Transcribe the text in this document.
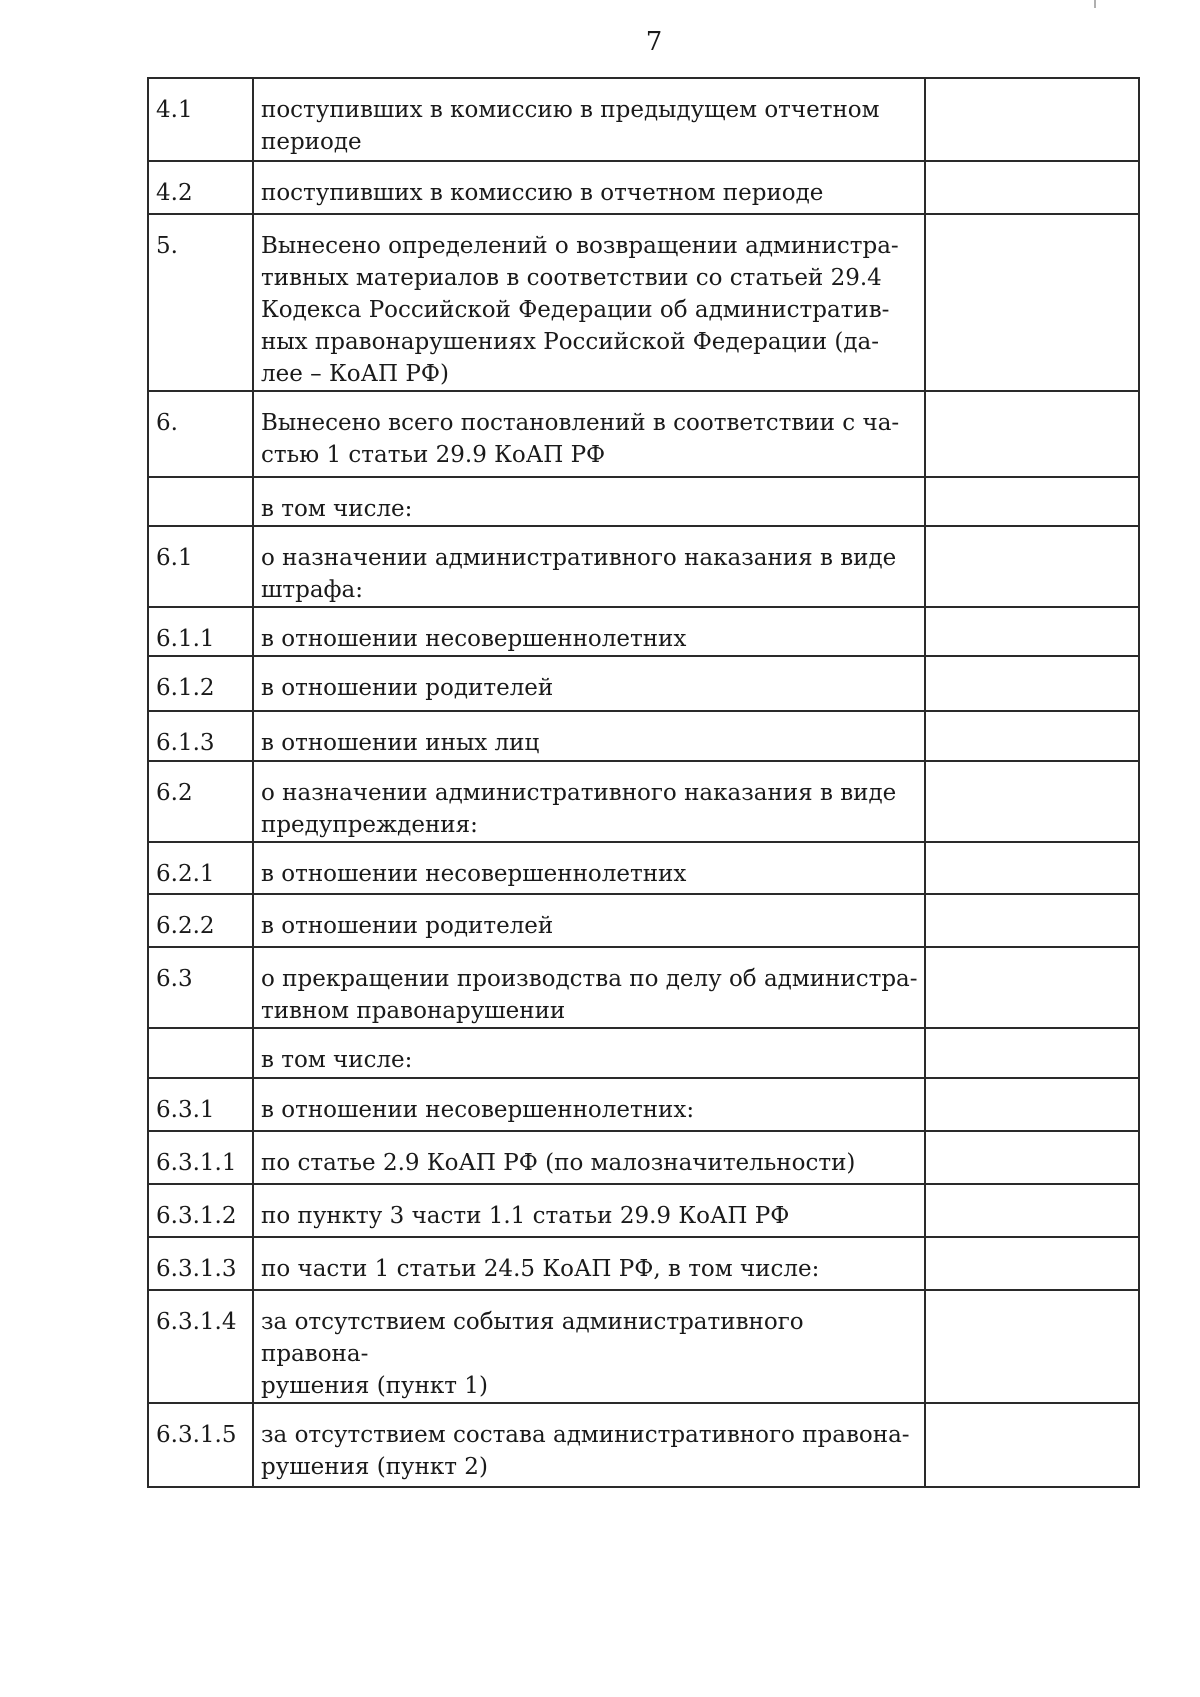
7
4.1	поступивших в комиссию в предыдущем отчетном
периоде	

4.2	поступивших в комиссию в отчетном периоде	

5.	Вынесено определений о возвращении администра-
тивных материалов в соответствии со статьей 29.4
Кодекса Российской Федерации об административ-
ных правонарушениях Российской Федерации (да-
лее – КоАП РФ)	

6.	Вынесено всего постановлений в соответствии с ча-
стью 1 статьи 29.9 КоАП РФ	

	в том числе:	

6.1	о назначении административного наказания в виде
штрафа:	

6.1.1	в отношении несовершеннолетних	

6.1.2	в отношении родителей	

6.1.3	в отношении иных лиц	

6.2	о назначении административного наказания в виде
предупреждения:	

6.2.1	в отношении несовершеннолетних	

6.2.2	в отношении родителей	

6.3	о прекращении производства по делу об администра-
тивном правонарушении	

	в том числе:	

6.3.1	в отношении несовершеннолетних:	

6.3.1.1	по статье 2.9 КоАП РФ (по малозначительности)	

6.3.1.2	по пункту 3 части 1.1 статьи 29.9 КоАП РФ	

6.3.1.3	по части 1 статьи 24.5 КоАП РФ, в том числе:	

6.3.1.4	за отсутствием события административного правона-
рушения (пункт 1)	

6.3.1.5	за отсутствием состава административного правона-
рушения (пункт 2)	
